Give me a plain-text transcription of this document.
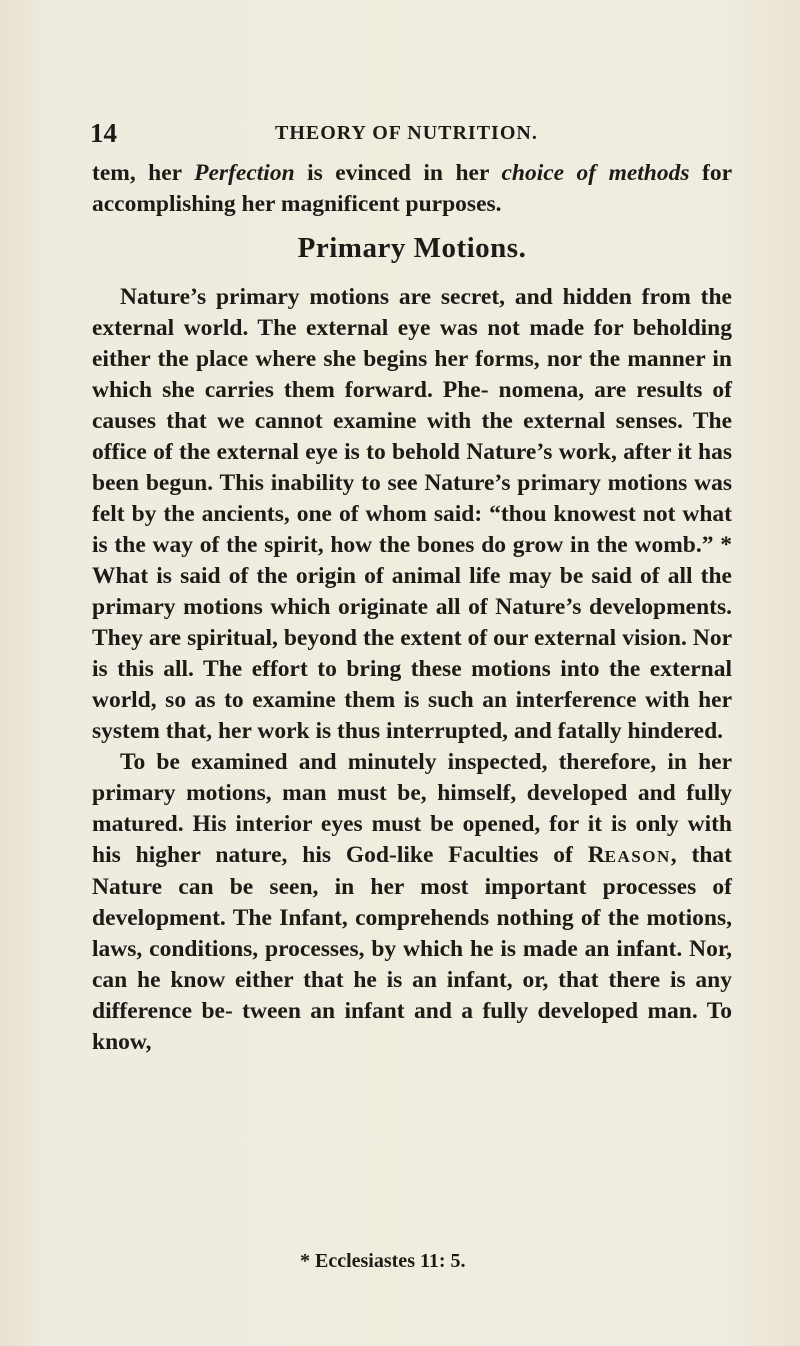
14	THEORY OF NUTRITION.

tem, her Perfection is evinced in her choice of methods for accomplishing her magnificent purposes.

Primary Motions.

Nature’s primary motions are secret, and hidden from the external world. The external eye was not made for beholding either the place where she begins her forms, nor the manner in which she carries them forward. Phe- nomena, are results of causes that we cannot examine with the external senses. The office of the external eye is to behold Nature’s work, after it has been begun. This inability to see Nature’s primary motions was felt by the ancients, one of whom said: “thou knowest not what is the way of the spirit, how the bones do grow in the womb.” * What is said of the origin of animal life may be said of all the primary motions which originate all of Nature’s developments. They are spiritual, beyond the extent of our external vision. Nor is this all. The effort to bring these motions into the external world, so as to examine them is such an interference with her system that, her work is thus interrupted, and fatally hindered.

To be examined and minutely inspected, therefore, in her primary motions, man must be, himself, developed and fully matured. His interior eyes must be opened, for it is only with his higher nature, his God-like Faculties of REASON, that Nature can be seen, in her most important processes of development. The Infant, comprehends nothing of the motions, laws, conditions, processes, by which he is made an infant. Nor, can he know either that he is an infant, or, that there is any difference be- tween an infant and a fully developed man. To know,

* Ecclesiastes 11: 5.
